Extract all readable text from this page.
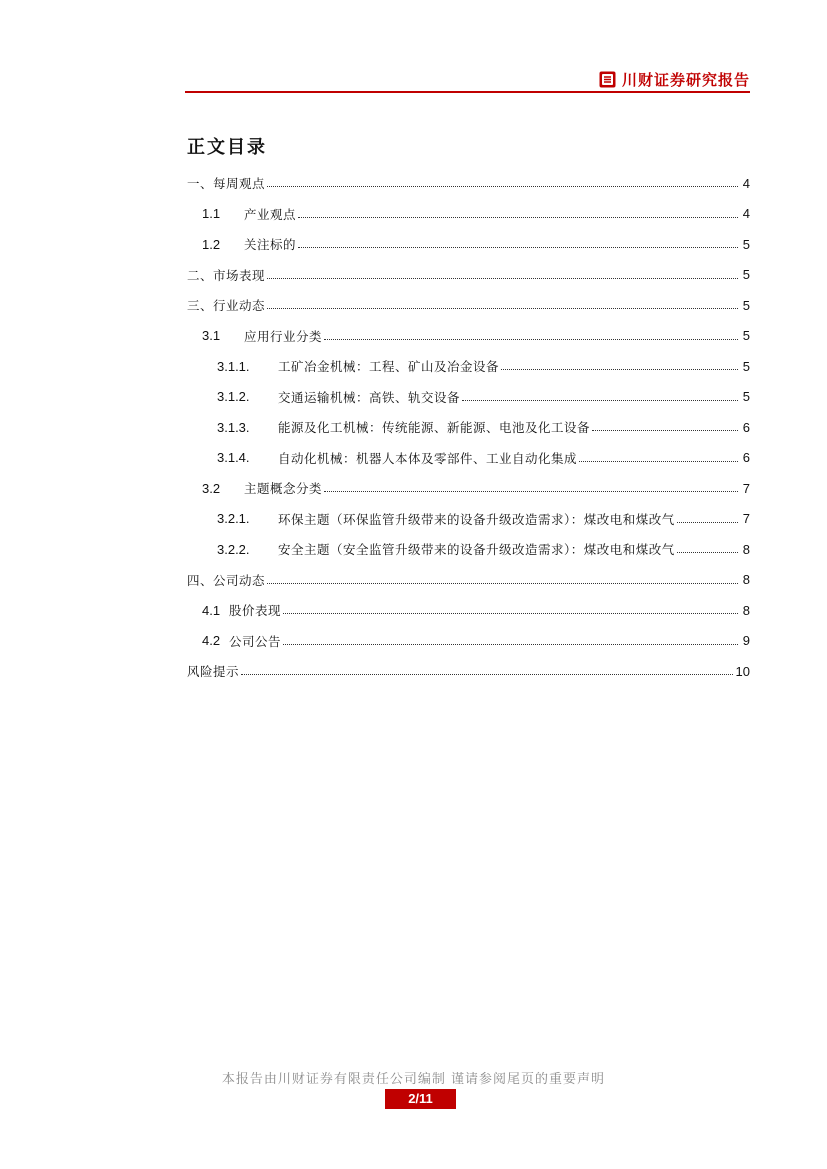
川财证券研究报告
正文目录
一、每周观点	4
1.1	产业观点	4
1.2	关注标的	5
二、市场表现	5
三、行业动态	5
3.1	应用行业分类	5
3.1.1.	工矿冶金机械：工程、矿山及冶金设备	5
3.1.2.	交通运输机械：高铁、轨交设备	5
3.1.3.	能源及化工机械：传统能源、新能源、电池及化工设备	6
3.1.4.	自动化机械：机器人本体及零部件、工业自动化集成	6
3.2	主题概念分类	7
3.2.1.	环保主题（环保监管升级带来的设备升级改造需求）：煤改电和煤改气	7
3.2.2.	安全主题（安全监管升级带来的设备升级改造需求）：煤改电和煤改气	8
四、公司动态	8
4.1 股价表现	8
4.2 公司公告	9
风险提示	10
本报告由川财证券有限责任公司编制 谨请参阅尾页的重要声明
2/11
